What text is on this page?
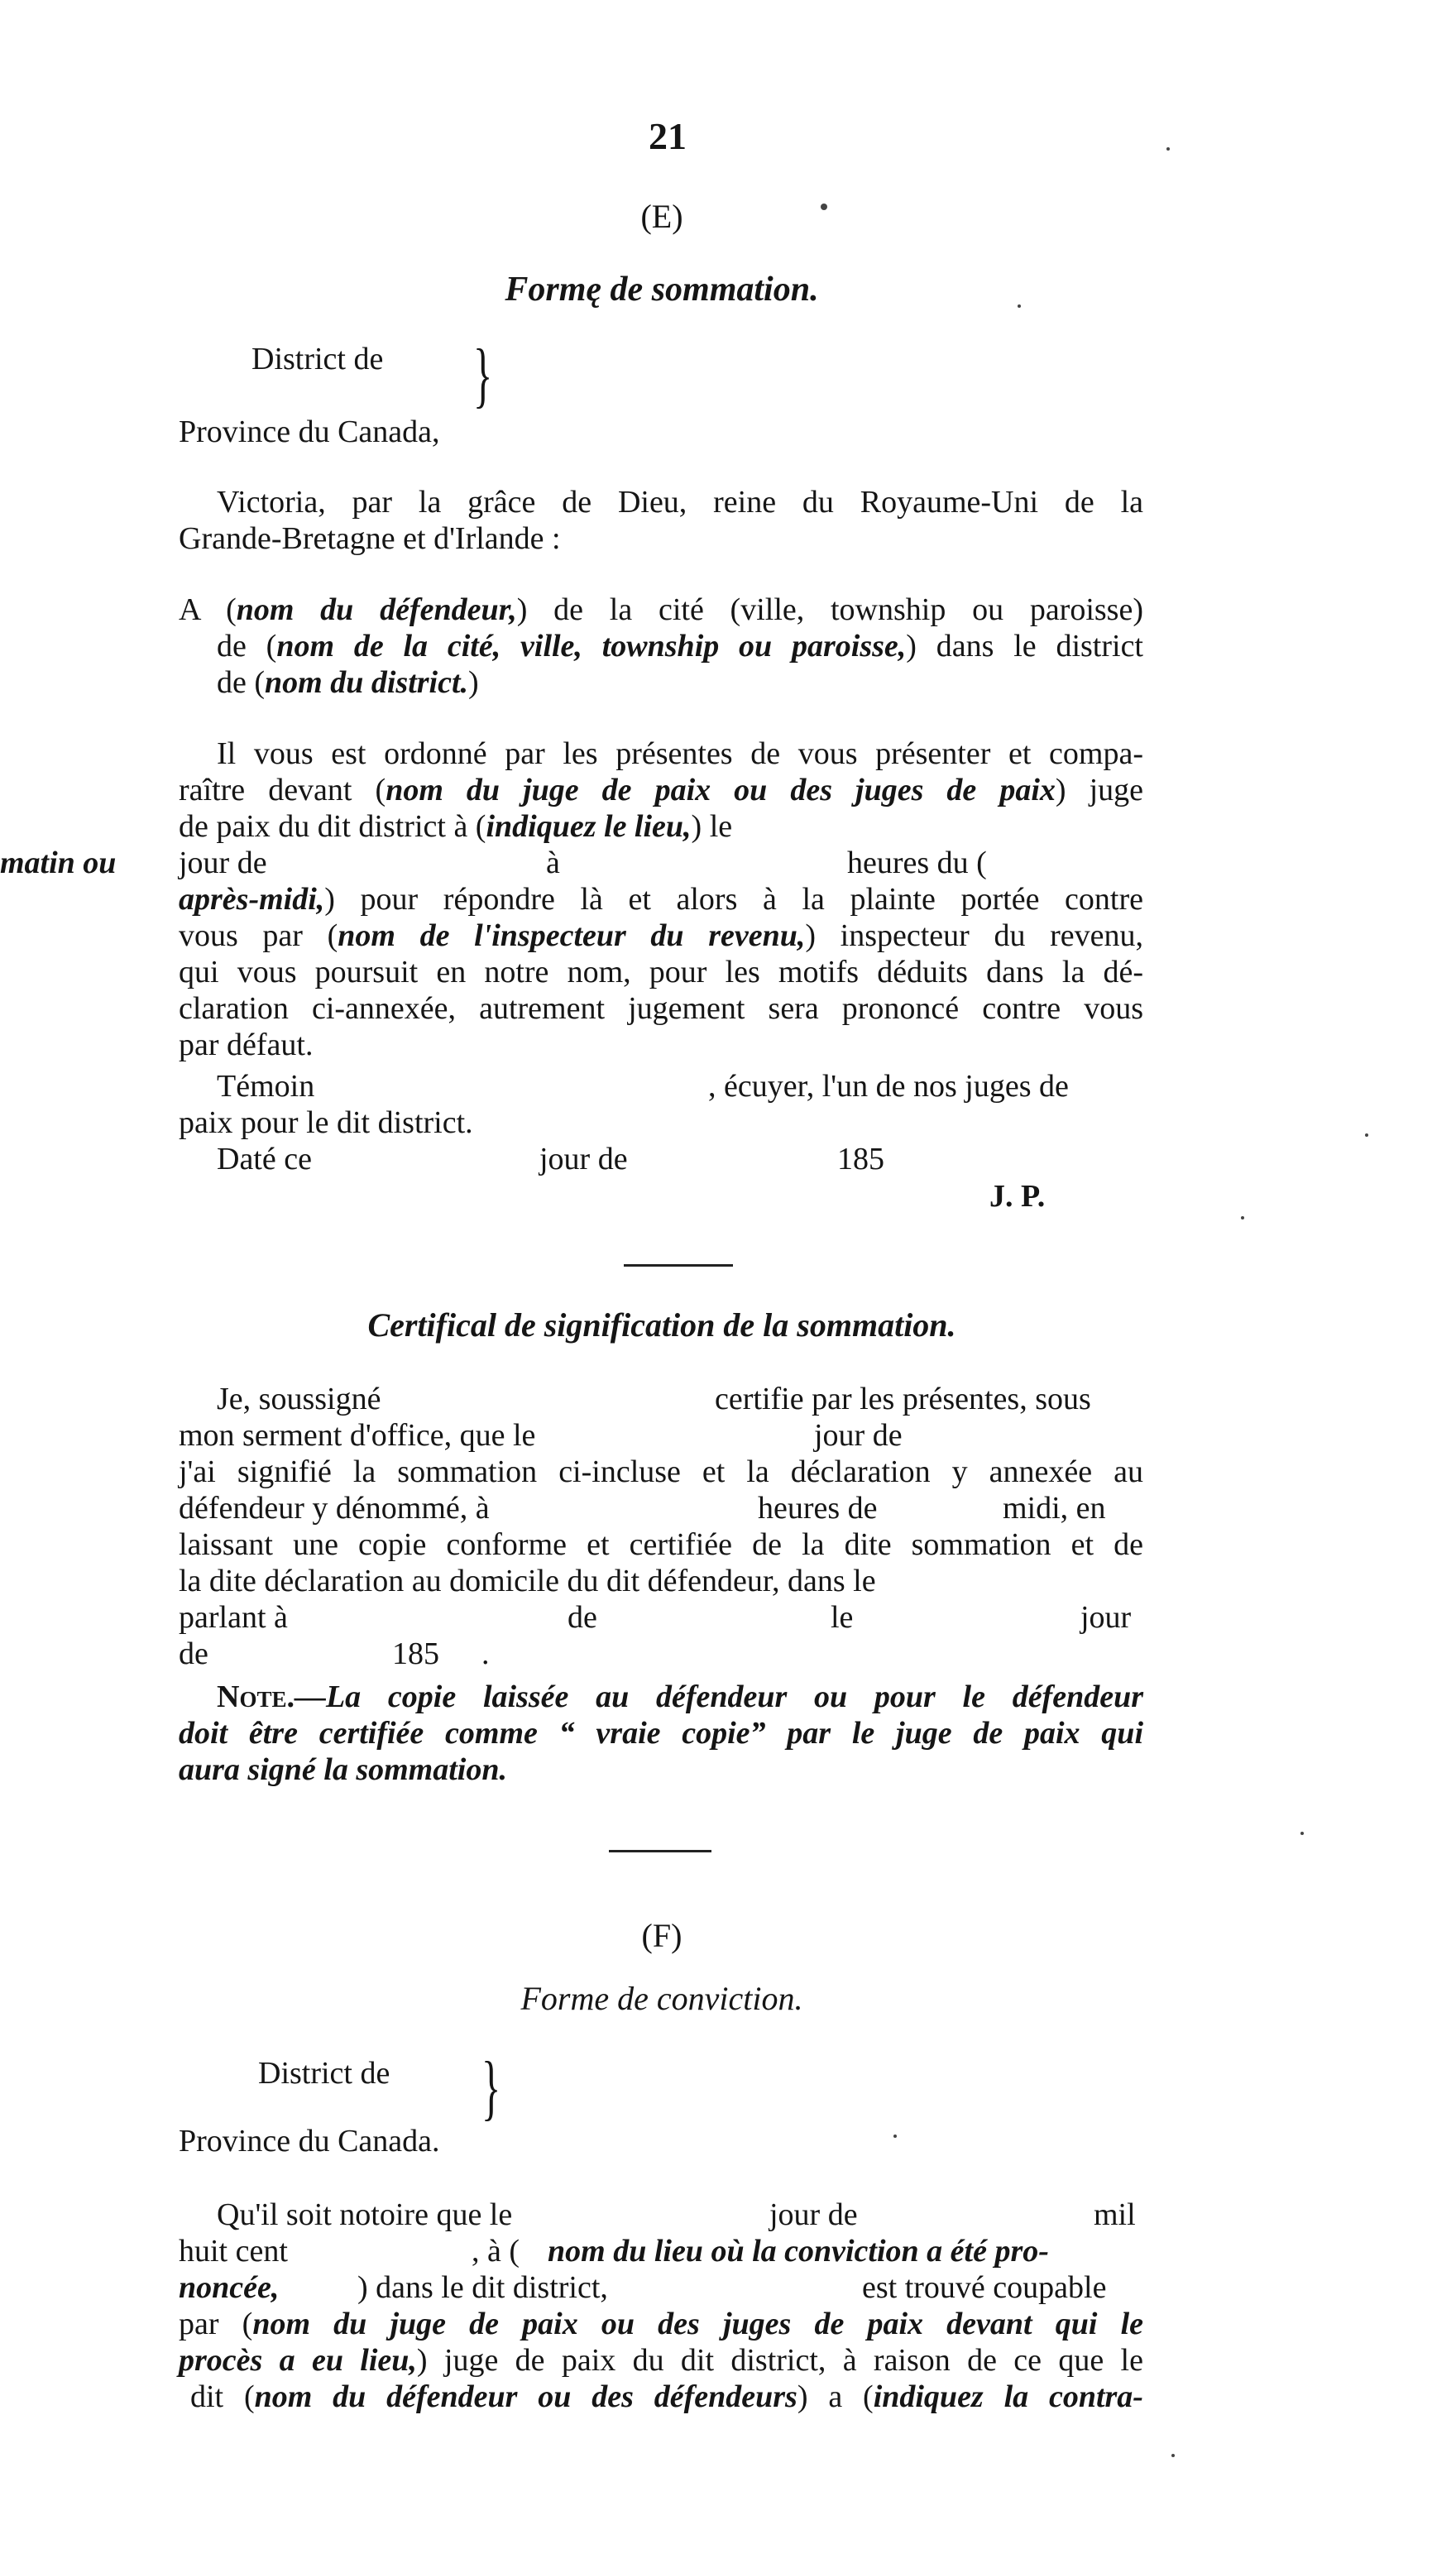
21
(E)
Formę de sommation.
District de
Province du Canada,
}
Victoria, par la grâce de Dieu, reine du Royaume-Uni de la
Grande-Bretagne et d'Irlande :
A (nom du défendeur,) de la cité (ville, township ou paroisse)
de (nom de la cité, ville, township ou paroisse,) dans le district
de (nom du district.)
Il vous est ordonné par les présentes de vous présenter et compa-
raître devant (nom du juge de paix ou des juges de paix) juge
de paix du dit district à (indiquez le lieu,) le
jour de	à	heures du (
matin ou
après-midi,) pour répondre là et alors à la plainte portée contre
vous par (nom de l'inspecteur du revenu,) inspecteur du revenu,
qui vous poursuit en notre nom, pour les motifs déduits dans la dé-
claration ci-annexée, autrement jugement sera prononcé contre vous
par défaut.
Témoin	, écuyer, l'un de nos juges de
paix pour le dit district.
Daté ce	jour de	185
J. P.
Certifical de signification de la sommation.
Je, soussigné	certifie par les présentes, sous
mon serment d'office, que le	jour de
j'ai signifié la sommation ci-incluse et la déclaration y annexée au
défendeur y dénommé, à	heures de	midi, en
laissant une copie conforme et certifiée de la dite sommation et de
la dite déclaration au domicile du dit défendeur, dans le
parlant à	de	le	jour
de	185 .
Note.—La copie laissée au défendeur ou pour le défendeur
doit être certifiée comme “ vraie copie” par le juge de paix qui
aura signé la sommation.
(F)
Forme de conviction.
District de
Province du Canada.
}
Qu'il soit notoire que le	jour de	mil
huit cent	, à ( nom du lieu où la conviction a été pro-
noncée, ) dans le dit district,	est trouvé coupable
par (nom du juge de paix ou des juges de paix devant qui le
procès a eu lieu,) juge de paix du dit district, à raison de ce que le
dit (nom du défendeur ou des défendeurs) a (indiquez la contra-
